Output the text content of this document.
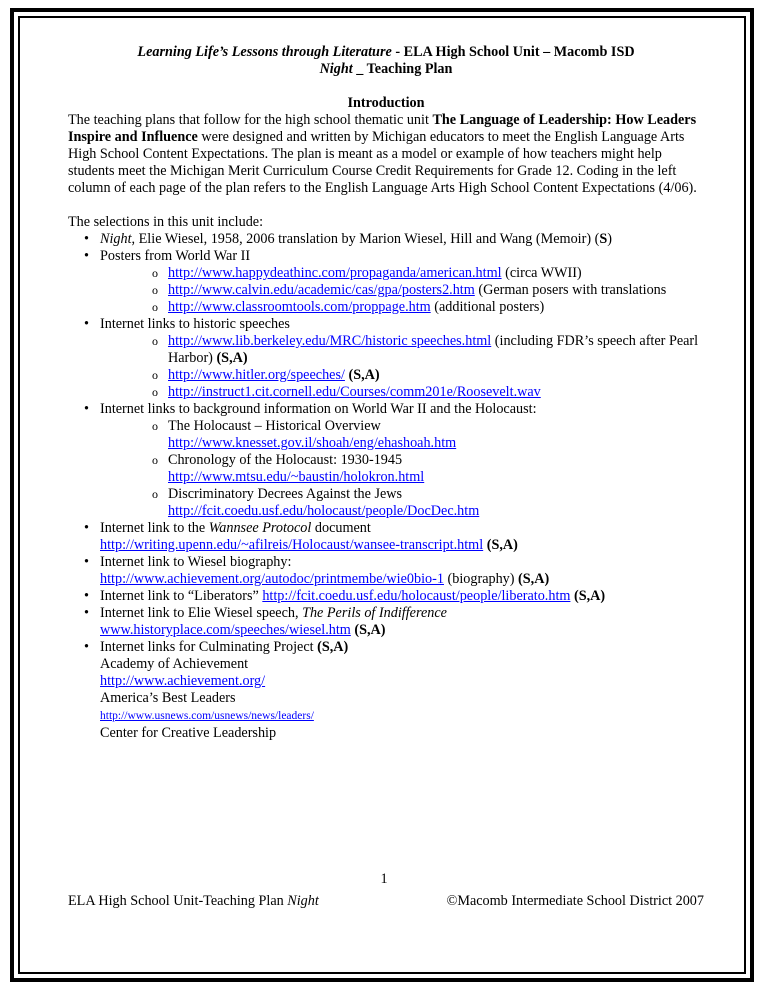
Learning Life’s Lessons through Literature - ELA High School Unit – Macomb ISD
Night _ Teaching Plan
Introduction

The teaching plans that follow for the high school thematic unit The Language of Leadership: How Leaders Inspire and Influence were designed and written by Michigan educators to meet the English Language Arts High School Content Expectations. The plan is meant as a model or example of how teachers might help students meet the Michigan Merit Curriculum Course Credit Requirements for Grade 12. Coding in the left column of each page of the plan refers to the English Language Arts High School Content Expectations (4/06).

The selections in this unit include:

• Night, Elie Wiesel, 1958, 2006 translation by Marion Wiesel, Hill and Wang (Memoir) (S)
• Posters from World War II
o http://www.happydeathinc.com/propaganda/american.html (circa WWII)
o http://www.calvin.edu/academic/cas/gpa/posters2.htm (German posers with translations
o http://www.classroomtools.com/proppage.htm (additional posters)
• Internet links to historic speeches
o http://www.lib.berkeley.edu/MRC/historic speeches.html (including FDR’s speech after Pearl Harbor) (S,A)
o http://www.hitler.org/speeches/ (S,A)
o http://instruct1.cit.cornell.edu/Courses/comm201e/Roosevelt.wav
• Internet links to background information on World War II and the Holocaust:
o The Holocaust – Historical Overview
http://www.knesset.gov.il/shoah/eng/ehashoah.htm
o Chronology of the Holocaust: 1930-1945
http://www.mtsu.edu/~baustin/holokron.html
o Discriminatory Decrees Against the Jews
http://fcit.coedu.usf.edu/holocaust/people/DocDec.htm
• Internet link to the Wannsee Protocol document
http://writing.upenn.edu/~afilreis/Holocaust/wansee-transcript.html (S,A)
• Internet link to Wiesel biography:
http://www.achievement.org/autodoc/printmembe/wie0bio-1 (biography) (S,A)
• Internet link to “Liberators” http://fcit.coedu.usf.edu/holocaust/people/liberato.htm (S,A)
• Internet link to Elie Wiesel speech, The Perils of Indifference
www.historyplace.com/speeches/wiesel.htm (S,A)
• Internet links for Culminating Project (S,A)
Academy of Achievement
http://www.achievement.org/
America’s Best Leaders
http://www.usnews.com/usnews/news/leaders/
Center for Creative Leadership
1
ELA High School Unit-Teaching Plan Night	©Macomb Intermediate School District 2007
